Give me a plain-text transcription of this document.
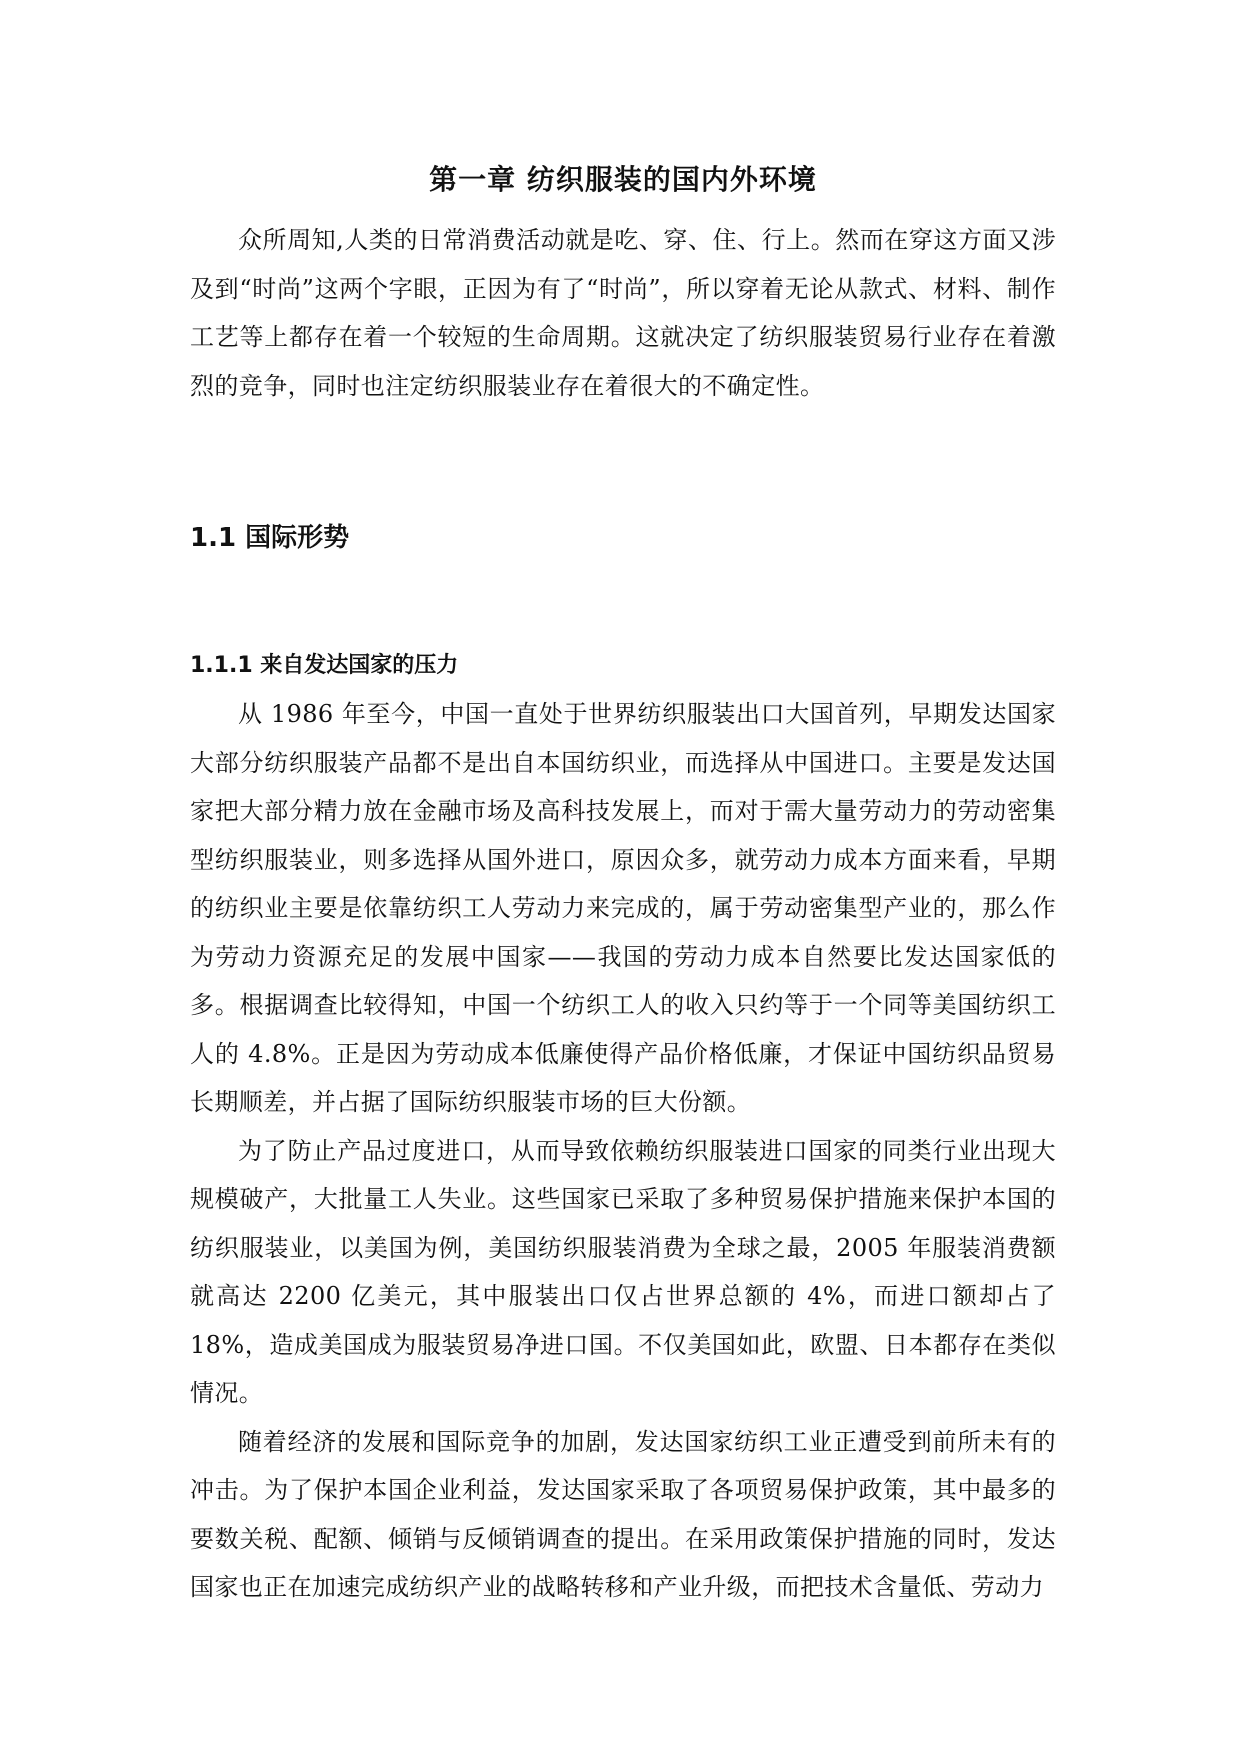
第一章 纺织服装的国内外环境

众所周知,人类的日常消费活动就是吃、穿、住、行上。然而在穿这方面又涉及到“时尚”这两个字眼，正因为有了“时尚”，所以穿着无论从款式、材料、制作工艺等上都存在着一个较短的生命周期。这就决定了纺织服装贸易行业存在着激烈的竞争，同时也注定纺织服装业存在着很大的不确定性。

1.1 国际形势
1.1.1 来自发达国家的压力

从 1986 年至今，中国一直处于世界纺织服装出口大国首列，早期发达国家大部分纺织服装产品都不是出自本国纺织业，而选择从中国进口。主要是发达国家把大部分精力放在金融市场及高科技发展上，而对于需大量劳动力的劳动密集型纺织服装业，则多选择从国外进口，原因众多，就劳动力成本方面来看，早期的纺织业主要是依靠纺织工人劳动力来完成的，属于劳动密集型产业的，那么作为劳动力资源充足的发展中国家——我国的劳动力成本自然要比发达国家低的多。根据调查比较得知，中国一个纺织工人的收入只约等于一个同等美国纺织工人的 4.8%。正是因为劳动成本低廉使得产品价格低廉，才保证中国纺织品贸易长期顺差，并占据了国际纺织服装市场的巨大份额。

为了防止产品过度进口，从而导致依赖纺织服装进口国家的同类行业出现大规模破产，大批量工人失业。这些国家已采取了多种贸易保护措施来保护本国的纺织服装业，以美国为例，美国纺织服装消费为全球之最，2005 年服装消费额就高达 2200 亿美元，其中服装出口仅占世界总额的 4%，而进口额却占了 18%，造成美国成为服装贸易净进口国。不仅美国如此，欧盟、日本都存在类似情况。

随着经济的发展和国际竞争的加剧，发达国家纺织工业正遭受到前所未有的冲击。为了保护本国企业利益，发达国家采取了各项贸易保护政策，其中最多的要数关税、配额、倾销与反倾销调查的提出。在采用政策保护措施的同时，发达国家也正在加速完成纺织产业的战略转移和产业升级，而把技术含量低、劳动力
